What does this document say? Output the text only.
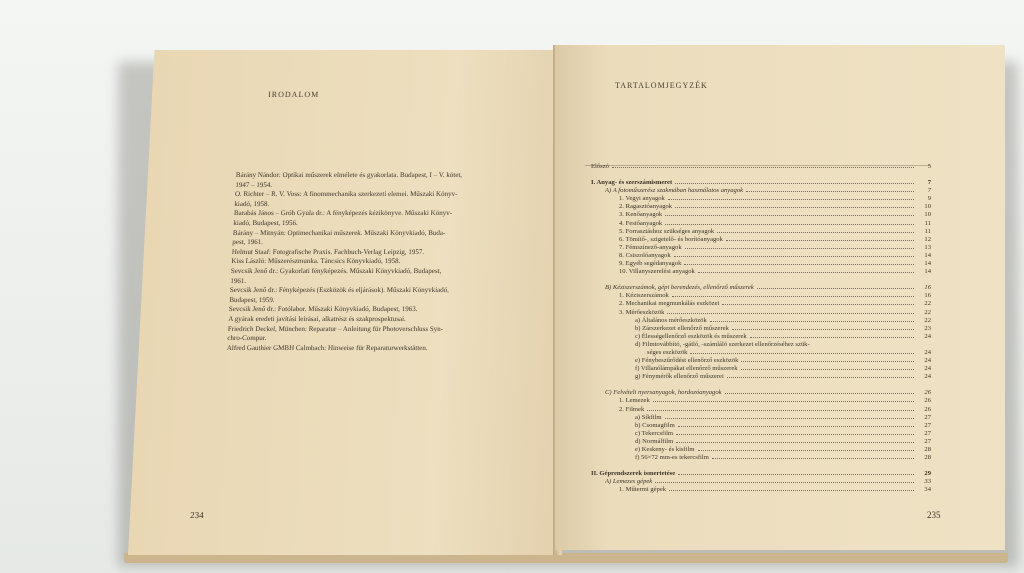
IRODALOM
Bárány Nándor: Optikai műszerek elmélete és gyakorlata. Budapest, I – V. kötet,
1947 – 1954.
O. Richter – R. V. Voss: A finommechanika szerkezeti elemei. Műszaki Könyv-
kiadó, 1958.
Barabás János – Gróh Gyula dr.: A fényképezés kézikönyve. Műszaki Könyv-
kiadó, Budapest, 1956.
Bárány – Mitnyán: Optimechanikai műszerek. Műszaki Könyvkiadó, Buda-
pest, 1961.
Helmut Staaf: Fotografische Praxis. Fachbuch-Verlag Leipzig, 1957.
Kiss László: Műszerészmunka. Táncsics Könyvkiadó, 1958.
Sevcsik Jenő dr.: Gyakorlati fényképezés. Műszaki Könyvkiadó, Budapest,
1961.
Sevcsik Jenő dr.: Fényképezés (Eszközök és eljárások). Műszaki Könyvkiadó,
Budapest, 1959.
Sevcsik Jenő dr.: Fotólabor. Műszaki Könyvkiadó, Budapest, 1963.
A gyárak eredeti javítási leírásai, alkatrész és szakprospektusai.
Friedrich Deckel, München: Reparatur – Anleitung für Photoverschluss Syn-
chro-Compur.
Alfred Gauthier GMBH Calmbach: Hinweise für Reparaturwerkstätten.
234
TARTALOMJEGYZÉK
Előszó	5
I. Anyag- és szerszámismeret	7
A) A fotoműszerész szakmában használatos anyagok	7
1. Vegyi anyagok	9
2. Ragasztóanyagok	10
3. Kenőanyagok	10
4. Festőanyagok	11
5. Forrasztáshoz szükséges anyagok	11
6. Tömítő-, szigetelő- és borítóanyagok	12
7. Fémszínező-anyagok	13
8. Csiszolóanyagok	14
9. Egyéb segédanyagok	14
10. Villanyszerelési anyagok	14
B) Kéziszerszámok, gépi berendezés, ellenőrző műszerek	16
1. Kéziszerszámok	16
2. Mechanikai megmunkálás eszközei	22
3. Mérőeszközök	22
a) Általános mérőeszközök	22
b) Zárszerkezet ellenőrző műszerek	23
c) Élességellenőrző eszközök és műszerek	24
d) Filmtovábbító, -gátló, -számláló szerkezet ellenőrzéséhez szük-
séges eszközök	24
e) Fénybeszűrődést ellenőrző eszközök	24
f) Villanólámpákat ellenőrző műszerek	24
g) Fénymérők ellenőrző műszerei	24
C) Felvételi nyersanyagok, hordozóanyagok	26
1. Lemezek	26
2. Filmek	26
a) Síkfilm	27
b) Csomagfilm	27
c) Tekercsfilm	27
d) Normálfilm	27
e) Keskeny- és kisfilm	28
f) 56×72 mm-es tekercsfilm	28
II. Géprendszerek ismertetése	29
A) Lemezes gépek	33
1. Műtermi gépek	34
235
